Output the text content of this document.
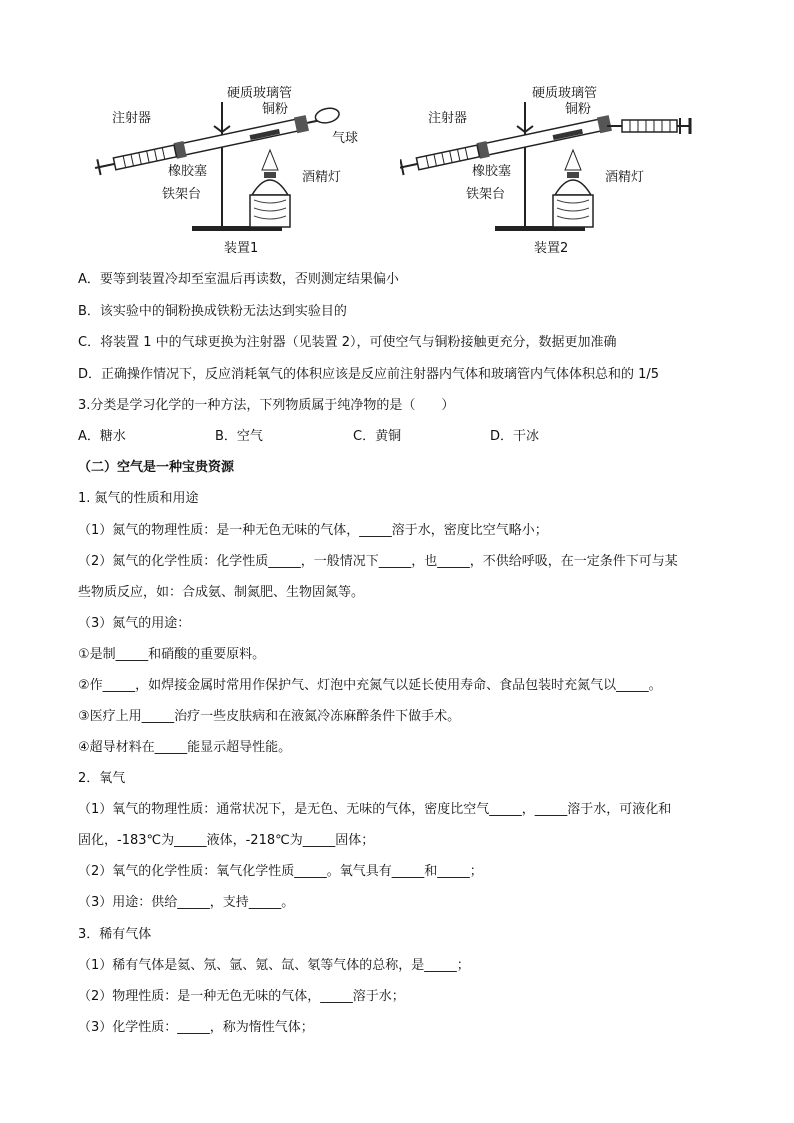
硬质玻璃管
铜粉
注射器
气球
橡胶塞	酒精灯
铁架台
装置1
硬质玻璃管
铜粉
注射器
橡胶塞	酒精灯
铁架台
装置2
A．要等到装置冷却至室温后再读数，否则测定结果偏小
B．该实验中的铜粉换成铁粉无法达到实验目的
C．将装置 1 中的气球更换为注射器（见装置 2），可使空气与铜粉接触更充分，数据更加准确
D．正确操作情况下，反应消耗氧气的体积应该是反应前注射器内气体和玻璃管内气体体积总和的 1/5
3.分类是学习化学的一种方法，下列物质属于纯净物的是（　　）
A．糖水	B．空气	C．黄铜	D．干冰
（二）空气是一种宝贵资源
1. 氮气的性质和用途
（1）氮气的物理性质：是一种无色无味的气体，_____溶于水，密度比空气略小；
（2）氮气的化学性质：化学性质_____，一般情况下_____，也_____，不供给呼吸，在一定条件下可与某
些物质反应，如：合成氨、制氮肥、生物固氮等。
（3）氮气的用途：
①是制_____和硝酸的重要原料。
②作_____，如焊接金属时常用作保护气、灯泡中充氮气以延长使用寿命、食品包装时充氮气以_____。
③医疗上用_____治疗一些皮肤病和在液氮冷冻麻醉条件下做手术。
④超导材料在_____能显示超导性能。
2．氧气
（1）氧气的物理性质：通常状况下，是无色、无味的气体，密度比空气_____，_____溶于水，可液化和
固化，-183℃为_____液体，-218℃为_____固体；
（2）氧气的化学性质：氧气化学性质_____。氧气具有_____和_____；
（3）用途：供给_____，支持_____。
3．稀有气体
（1）稀有气体是氦、氖、氩、氪、氙、氡等气体的总称，是_____；
（2）物理性质：是一种无色无味的气体，_____溶于水；
（3）化学性质：_____，称为惰性气体；
